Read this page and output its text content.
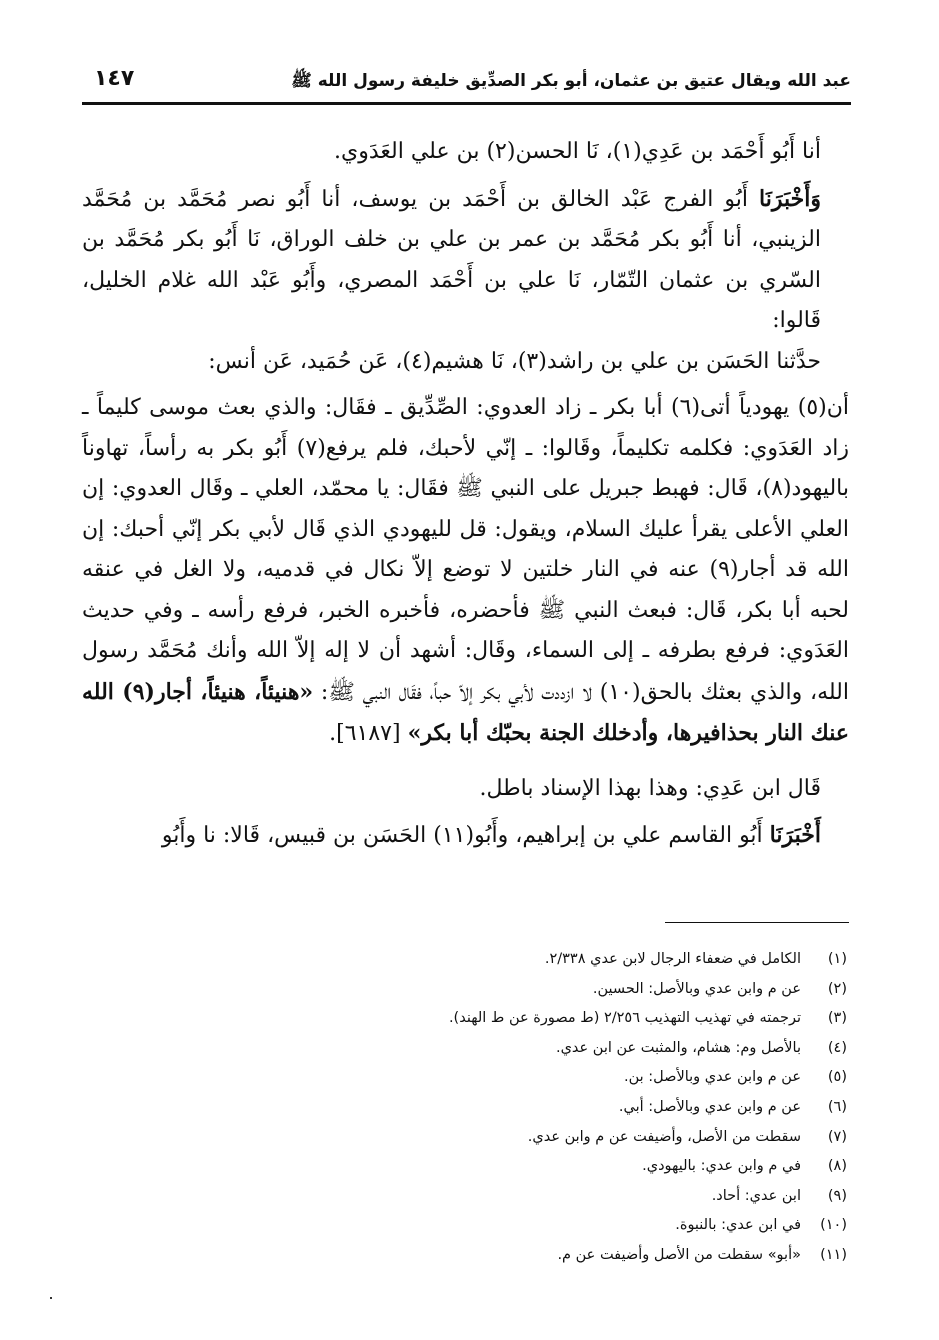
١٤٧	عبد الله ويقال عتيق بن عثمان، أبو بكر الصدِّيق خليفة رسول الله ﷺ

أنا أَبُو أَحْمَد بن عَدِي(١)، نَا الحسن(٢) بن علي العَدَوي.

وَأَخْبَرَنَا أَبُو الفرج عَبْد الخالق بن أَحْمَد بن يوسف، أنا أَبُو نصر مُحَمَّد بن مُحَمَّد الزينبي، أنا أَبُو بكر مُحَمَّد بن عمر بن علي بن خلف الوراق، نَا أَبُو بكر مُحَمَّد بن السّري بن عثمان التّمّار، نَا علي بن أَحْمَد المصري، وأَبُو عَبْد الله غلام الخليل، قَالوا:

حدَّثنا الحَسَن بن علي بن راشد(٣)، نَا هشيم(٤)، عَن حُمَيد، عَن أنس:

أن(٥) يهودياً أتى(٦) أبا بكر ـ زاد العدوي: الصِّدِّيق ـ فقَال: والذي بعث موسى كليماً ـ زاد العَدَوي: فكلمه تكليماً، وقَالوا: ـ إنّي لأحبك، فلم يرفع(٧) أَبُو بكر به رأساً، تهاوناً باليهود(٨)، قَال: فهبط جبريل على النبي ﷺ فقَال: يا محمّد، العلي ـ وقَال العدوي: إن العلي الأعلى يقرأ عليك السلام، ويقول: قل لليهودي الذي قَال لأبي بكر إنّي أحبك: إن الله قد أجار(٩) عنه في النار خلتين لا توضع إلاّ نكال في قدميه، ولا الغل في عنقه لحبه أبا بكر، قَال: فبعث النبي ﷺ فأحضره، فأخبره الخبر، فرفع رأسه ـ وفي حديث العَدَوي: فرفع بطرفه ـ إلى السماء، وقَال: أشهد أن لا إله إلاّ الله وأنك مُحَمَّد رسول الله، والذي بعثك بالحق(١٠) لا ازددت لأبي بكر إلاّ حباً، فقَال النبي ﷺ: «هنيئاً، هنيئاً، أجار(٩) الله عنك النار بحذافيرها، وأدخلك الجنة بحبّك أبا بكر» [٦١٨٧].

قَال ابن عَدِي: وهذا بهذا الإسناد باطل.

أَخْبَرَنَا أَبُو القاسم علي بن إبراهيم، وأَبُو(١١) الحَسَن بن قبيس، قَالا: نا وأَبُو

(١)
الكامل في ضعفاء الرجال لابن عدي ٢/٣٣٨.
(٢)
عن م وابن عدي وبالأصل: الحسين.
(٣)
ترجمته في تهذيب التهذيب ٢/٢٥٦ (ط مصورة عن ط الهند).
(٤)
بالأصل وم: هشام، والمثبت عن ابن عدي.
(٥)
عن م وابن عدي وبالأصل: بن.
(٦)
عن م وابن عدي وبالأصل: أبي.
(٧)
سقطت من الأصل، وأضيفت عن م وابن عدي.
(٨)
في م وابن عدي: باليهودي.
(٩)
ابن عدي: أحاد.
(١٠)
في ابن عدي: بالنبوة.
(١١)
«أبو» سقطت من الأصل وأضيفت عن م.
